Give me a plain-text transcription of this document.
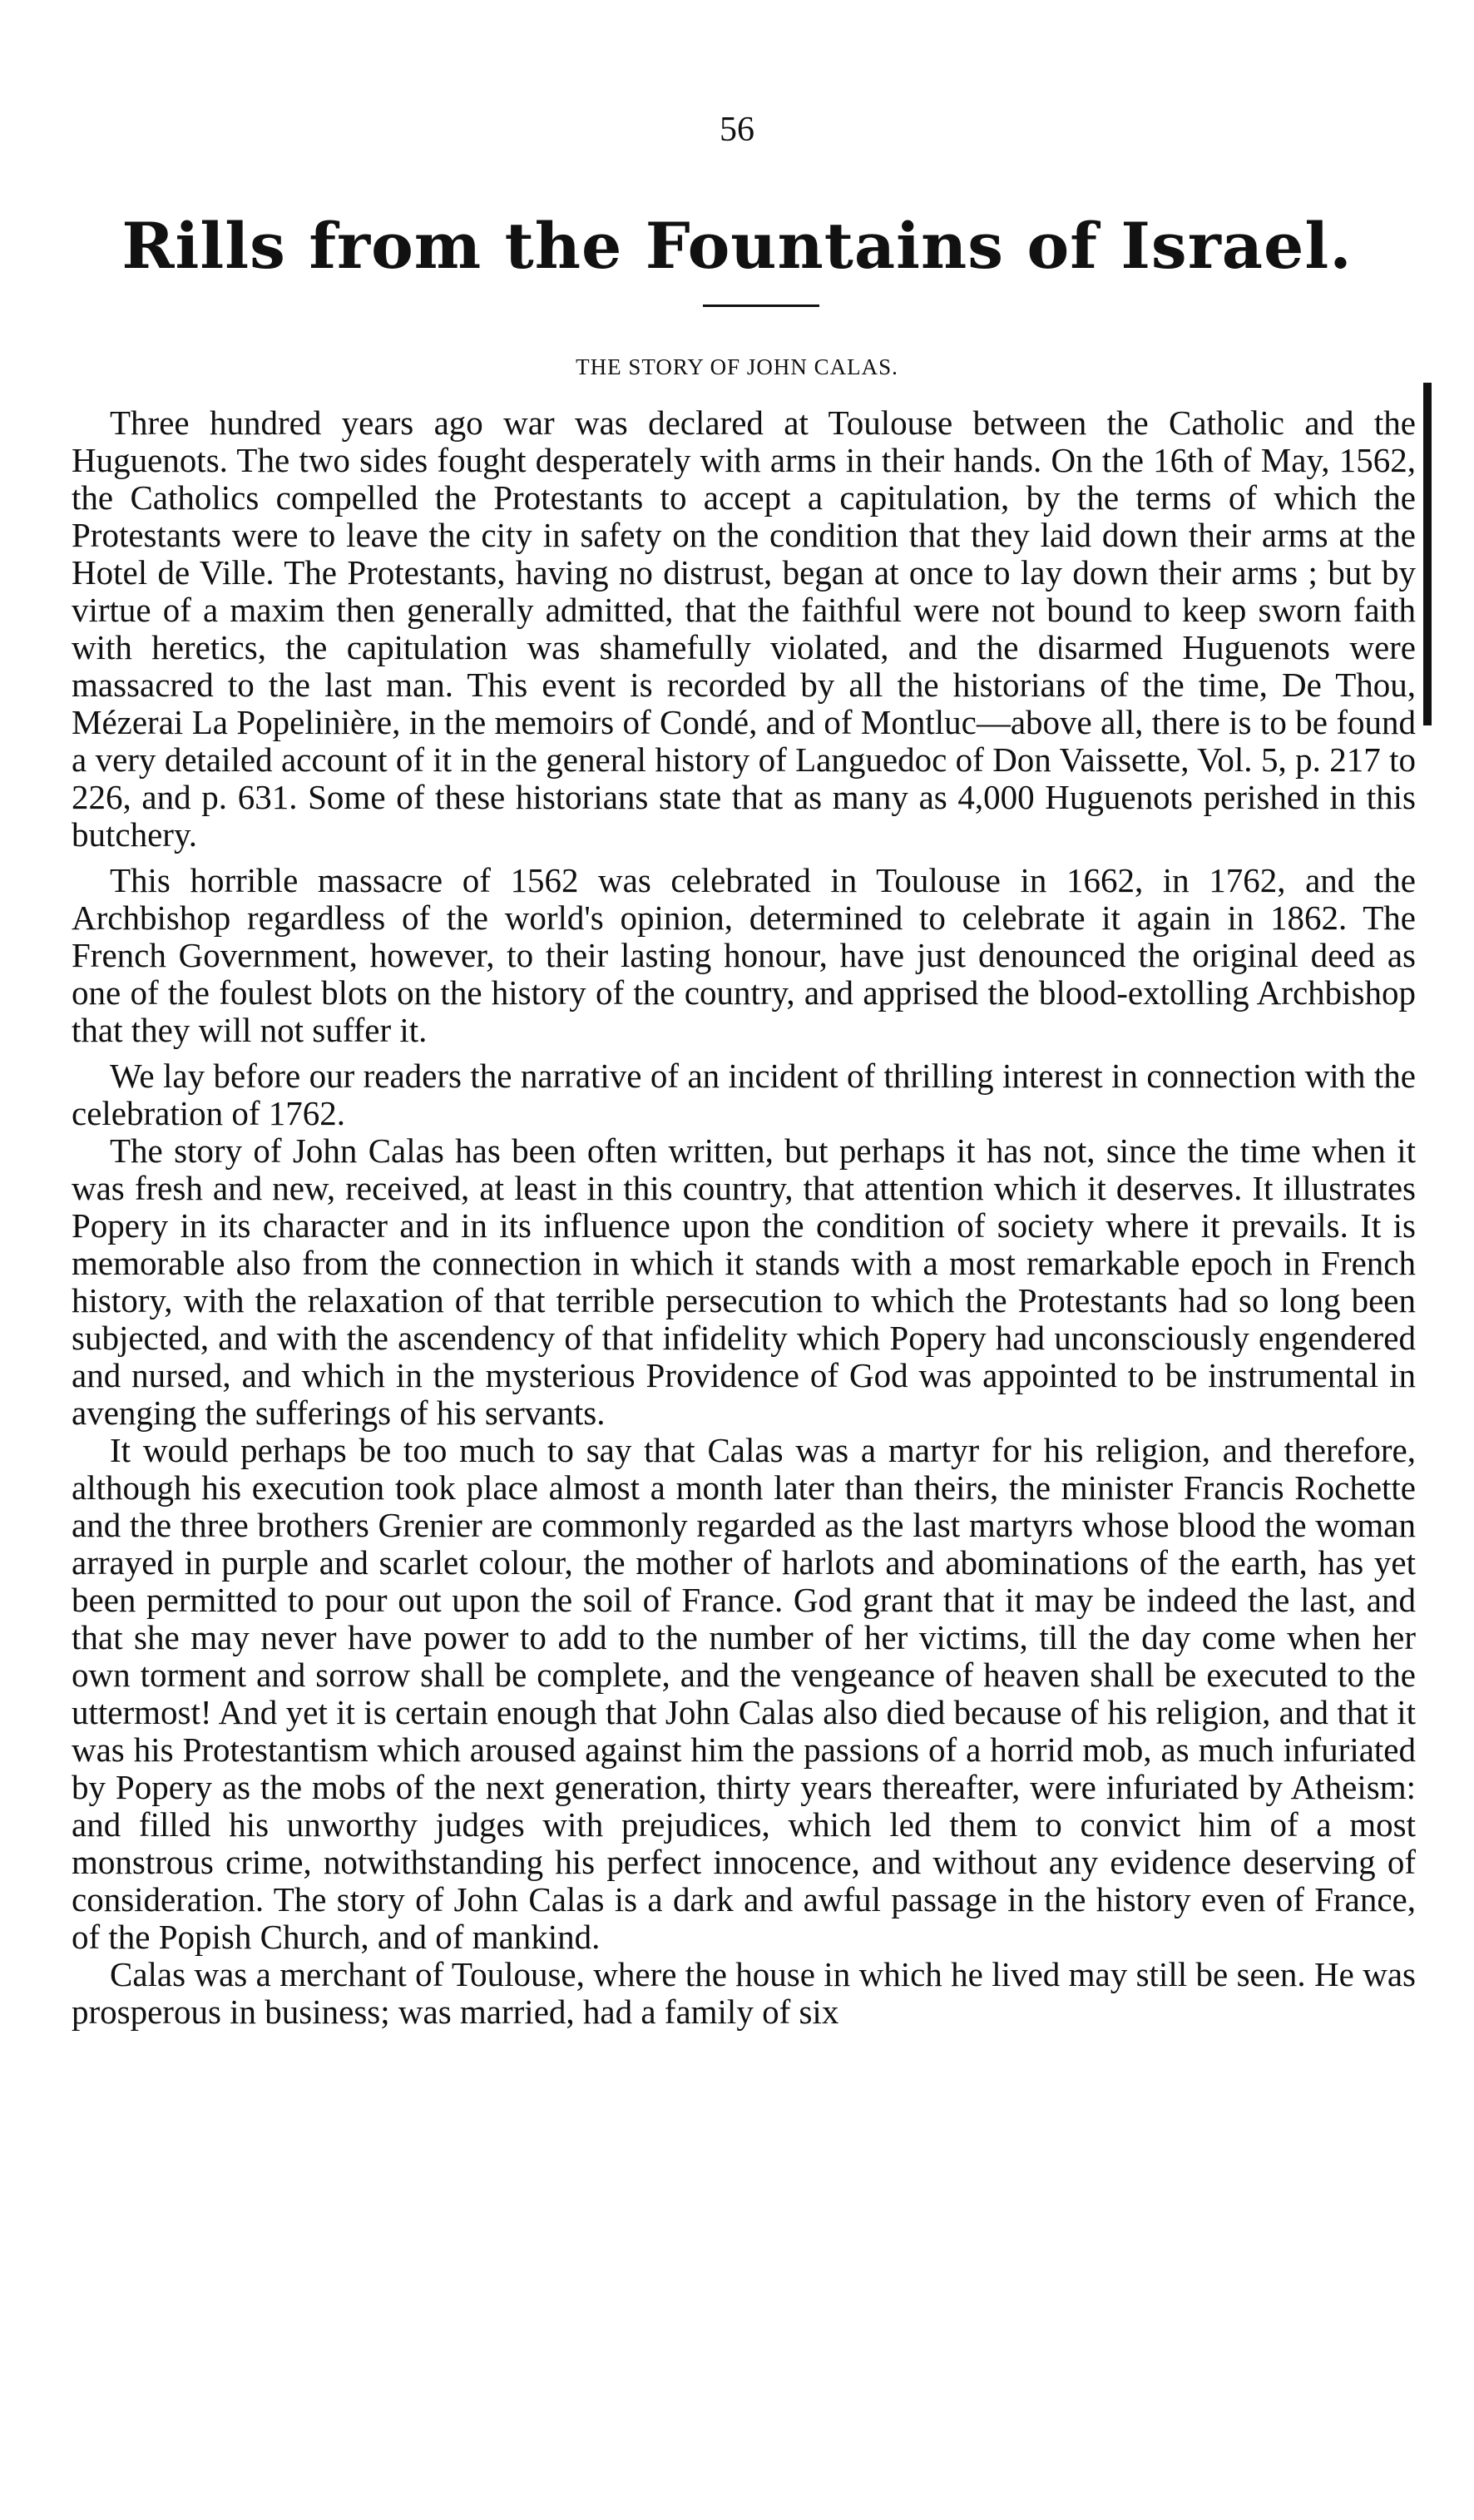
56
Rills from the Fountains of Israel.
THE STORY OF JOHN CALAS.

Three hundred years ago war was declared at Toulouse between the Catholic and the Huguenots. The two sides fought desperately with arms in their hands. On the 16th of May, 1562, the Catholics compelled the Protestants to accept a capitulation, by the terms of which the Protestants were to leave the city in safety on the condition that they laid down their arms at the Hotel de Ville. The Protestants, having no distrust, began at once to lay down their arms ; but by virtue of a maxim then generally admitted, that the faithful were not bound to keep sworn faith with heretics, the capitulation was shamefully violated, and the disarmed Huguenots were massacred to the last man. This event is recorded by all the historians of the time, De Thou, Mézerai La Popelinière, in the memoirs of Condé, and of Montluc—above all, there is to be found a very detailed account of it in the general history of Languedoc of Don Vaissette, Vol. 5, p. 217 to 226, and p. 631. Some of these historians state that as many as 4,000 Huguenots perished in this butchery.

This horrible massacre of 1562 was celebrated in Toulouse in 1662, in 1762, and the Archbishop regardless of the world's opinion, determined to celebrate it again in 1862. The French Government, however, to their lasting honour, have just denounced the original deed as one of the foulest blots on the history of the country, and apprised the blood-extolling Archbishop that they will not suffer it.

We lay before our readers the narrative of an incident of thrilling interest in connection with the celebration of 1762.

The story of John Calas has been often written, but perhaps it has not, since the time when it was fresh and new, received, at least in this country, that attention which it deserves. It illustrates Popery in its character and in its influence upon the condition of society where it prevails. It is memorable also from the connection in which it stands with a most remarkable epoch in French history, with the relaxation of that terrible persecution to which the Protestants had so long been subjected, and with the ascendency of that infidelity which Popery had unconsciously engendered and nursed, and which in the mysterious Providence of God was appointed to be instrumental in avenging the sufferings of his servants.

It would perhaps be too much to say that Calas was a martyr for his religion, and therefore, although his execution took place almost a month later than theirs, the minister Francis Rochette and the three brothers Grenier are commonly regarded as the last martyrs whose blood the woman arrayed in purple and scarlet colour, the mother of harlots and abominations of the earth, has yet been permitted to pour out upon the soil of France. God grant that it may be indeed the last, and that she may never have power to add to the number of her victims, till the day come when her own torment and sorrow shall be complete, and the vengeance of heaven shall be executed to the uttermost! And yet it is certain enough that John Calas also died because of his religion, and that it was his Protestantism which aroused against him the passions of a horrid mob, as much infuriated by Popery as the mobs of the next generation, thirty years thereafter, were infuriated by Atheism: and filled his unworthy judges with prejudices, which led them to convict him of a most monstrous crime, notwithstanding his perfect innocence, and without any evidence deserving of consideration. The story of John Calas is a dark and awful passage in the history even of France, of the Popish Church, and of mankind.

Calas was a merchant of Toulouse, where the house in which he lived may still be seen. He was prosperous in business; was married, had a family of six
